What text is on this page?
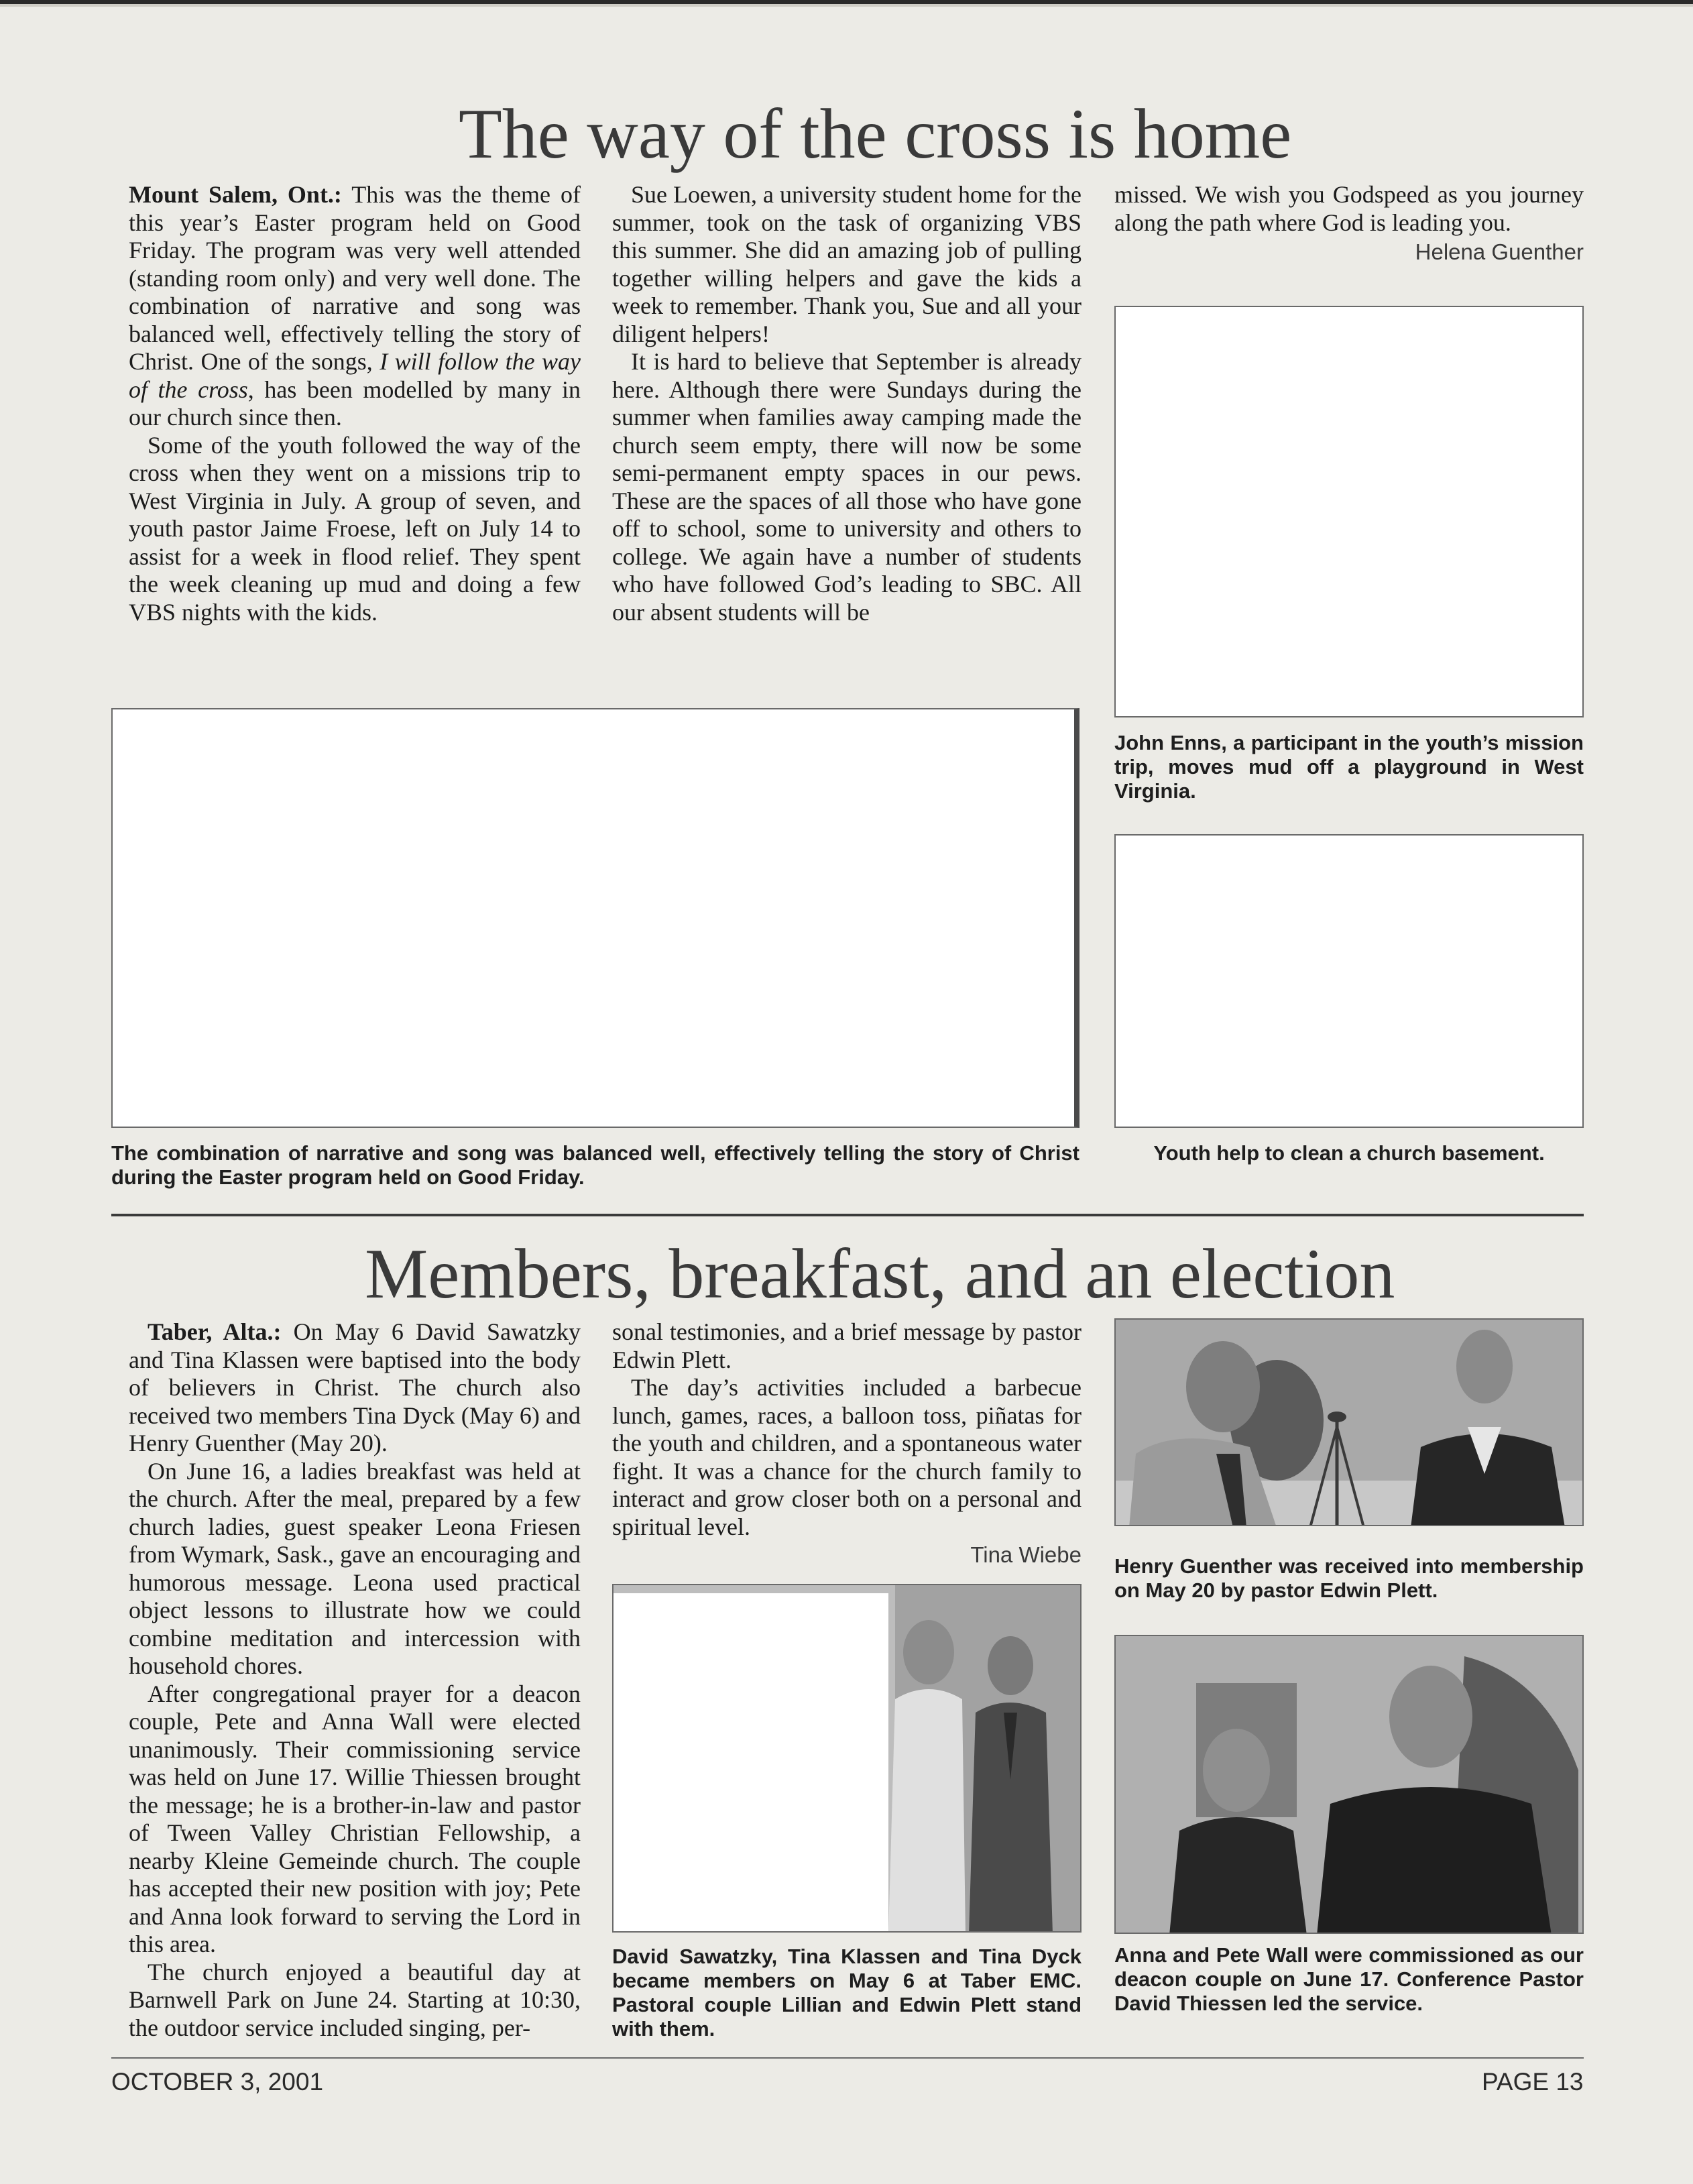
The way of the cross is home

Mount Salem, Ont.: This was the theme of this year’s Easter program held on Good Friday. The program was very well attended (standing room only) and very well done. The combination of narrative and song was balanced well, effectively telling the story of Christ. One of the songs, I will follow the way of the cross, has been modelled by many in our church since then.

Some of the youth followed the way of the cross when they went on a missions trip to West Virginia in July. A group of seven, and youth pastor Jaime Froese, left on July 14 to assist for a week in flood relief. They spent the week cleaning up mud and doing a few VBS nights with the kids.

Sue Loewen, a university student home for the summer, took on the task of organizing VBS this summer. She did an amazing job of pulling together willing helpers and gave the kids a week to remember. Thank you, Sue and all your diligent helpers!

It is hard to believe that September is already here. Although there were Sundays during the summer when families away camping made the church seem empty, there will now be some semi-permanent empty spaces in our pews. These are the spaces of all those who have gone off to school, some to university and others to college. We again have a number of students who have followed God’s leading to SBC. All our absent students will be

missed. We wish you Godspeed as you journey along the path where God is leading you.

Helena Guenther

John Enns, a participant in the youth’s mission trip, moves mud off a playground in West Virginia.

The combination of narrative and song was balanced well, effectively telling the story of Christ during the Easter program held on Good Friday.

Youth help to clean a church basement.

Members, breakfast, and an election

Taber, Alta.: On May 6 David Sawatzky and Tina Klassen were baptised into the body of believers in Christ. The church also received two members Tina Dyck (May 6) and Henry Guenther (May 20).

On June 16, a ladies breakfast was held at the church. After the meal, prepared by a few church ladies, guest speaker Leona Friesen from Wymark, Sask., gave an encouraging and humorous message. Leona used practical object lessons to illustrate how we could combine meditation and intercession with household chores.

After congregational prayer for a deacon couple, Pete and Anna Wall were elected unanimously. Their commissioning service was held on June 17. Willie Thiessen brought the message; he is a brother-in-law and pastor of Tween Valley Christian Fellowship, a nearby Kleine Gemeinde church. The couple has accepted their new position with joy; Pete and Anna look forward to serving the Lord in this area.

The church enjoyed a beautiful day at Barnwell Park on June 24. Starting at 10:30, the outdoor service included singing, per-

sonal testimonies, and a brief message by pastor Edwin Plett.

The day’s activities included a barbecue lunch, games, races, a balloon toss, piñatas for the youth and children, and a spontaneous water fight. It was a chance for the church family to interact and grow closer both on a personal and spiritual level.

Tina Wiebe Henry Guenther was received into membership on May 20 by pastor Edwin Plett.

David Sawatzky, Tina Klassen and Tina Dyck became members on May 6 at Taber EMC. Pastoral couple Lillian and Edwin Plett stand with them.

Anna and Pete Wall were commissioned as our deacon couple on June 17. Conference Pastor David Thiessen led the service.

OCTOBER 3, 2001	PAGE 13
